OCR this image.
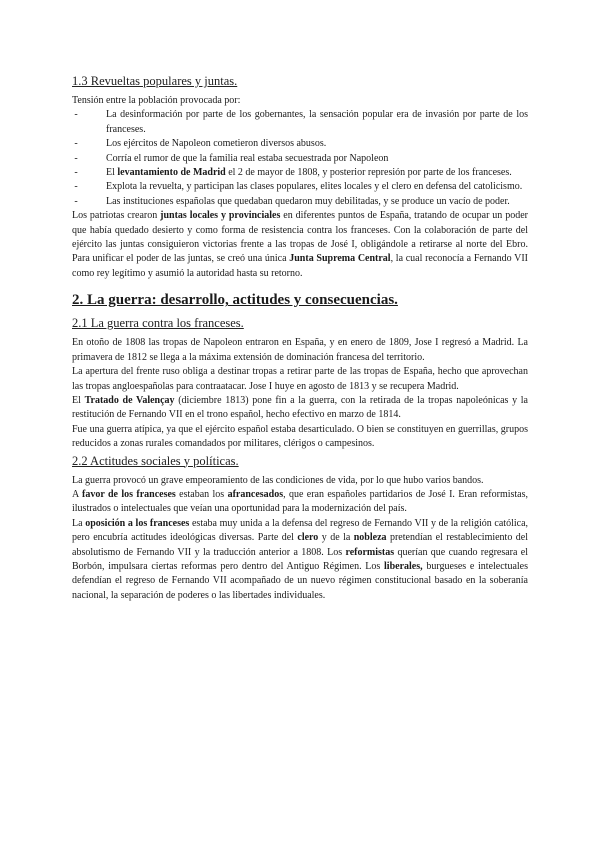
1.3 Revueltas populares y juntas.

Tensión entre la población provocada por:

- La desinformación por parte de los gobernantes, la sensación popular era de invasión por parte de los franceses.
- Los ejércitos de Napoleon cometieron diversos abusos.
- Corría el rumor de que la familia real estaba secuestrada por Napoleon
- El levantamiento de Madrid el 2 de mayor de 1808, y posterior represión por parte de los franceses.
- Explota la revuelta, y participan las clases populares, elites locales y el clero en defensa del catolicismo.
- Las instituciones españolas que quedaban quedaron muy debilitadas, y se produce un vacío de poder.

Los patriotas crearon juntas locales y provinciales en diferentes puntos de España, tratando de ocupar un poder que había quedado desierto y como forma de resistencia contra los franceses. Con la colaboración de parte del ejército las juntas consiguieron victorias frente a las tropas de José I, obligándole a retirarse al norte del Ebro. Para unificar el poder de las juntas, se creó una única Junta Suprema Central, la cual reconocía a Fernando VII como rey legítimo y asumió la autoridad hasta su retorno.

2. La guerra: desarrollo, actitudes y consecuencias.
2.1 La guerra contra los franceses.

En otoño de 1808 las tropas de Napoleon entraron en España, y en enero de 1809, Jose I regresó a Madrid. La primavera de 1812 se llega a la máxima extensión de dominación francesa del territorio.

La apertura del frente ruso obliga a destinar tropas a retirar parte de las tropas de España, hecho que aprovechan las tropas angloespañolas para contraatacar. Jose I huye en agosto de 1813 y se recupera Madrid.

El Tratado de Valençay (diciembre 1813) pone fin a la guerra, con la retirada de la tropas napoleónicas y la restitución de Fernando VII en el trono español, hecho efectivo en marzo de 1814.

Fue una guerra atípica, ya que el ejército español estaba desarticulado. O bien se constituyen en guerrillas, grupos reducidos a zonas rurales comandados por militares, clérigos o campesinos.

2.2 Actitudes sociales y políticas.

La guerra provocó un grave empeoramiento de las condiciones de vida, por lo que hubo varios bandos.

A favor de los franceses estaban los afrancesados, que eran españoles partidarios de José I. Eran reformistas, ilustrados o intelectuales que veían una oportunidad para la modernización del país.

La oposición a los franceses estaba muy unida a la defensa del regreso de Fernando VII y de la religión católica, pero encubría actitudes ideológicas diversas. Parte del clero y de la nobleza pretendían el restablecimiento del absolutismo de Fernando VII y la traducción anterior a 1808. Los reformistas querían que cuando regresara el Borbón, impulsara ciertas reformas pero dentro del Antiguo Régimen. Los liberales, burgueses e intelectuales defendían el regreso de Fernando VII acompañado de un nuevo régimen constitucional basado en la soberanía nacional, la separación de poderes o las libertades individuales.
